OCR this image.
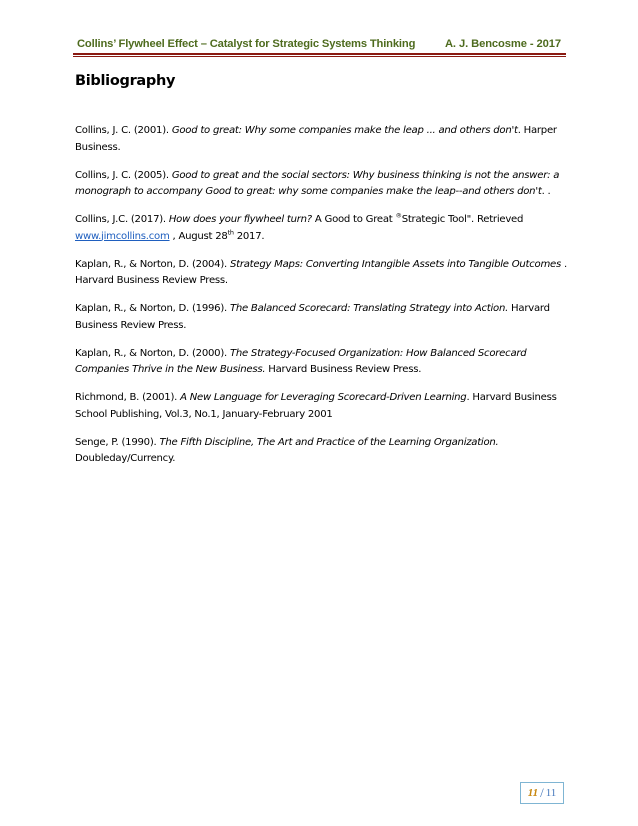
Collins’ Flywheel Effect – Catalyst for Strategic Systems Thinking	A. J. Bencosme - 2017
Bibliography

Collins, J. C. (2001). Good to great: Why some companies make the leap ... and others don't. Harper Business.

Collins, J. C. (2005). Good to great and the social sectors: Why business thinking is not the answer: a monograph to accompany Good to great: why some companies make the leap--and others don't. .

Collins, J.C. (2017). How does your flywheel turn? A Good to Great ®Strategic Tool". Retrieved
www.jimcollins.com , August 28th 2017.

Kaplan, R., & Norton, D. (2004). Strategy Maps: Converting Intangible Assets into Tangible Outcomes . Harvard Business Review Press.

Kaplan, R., & Norton, D. (1996). The Balanced Scorecard: Translating Strategy into Action. Harvard Business Review Press.

Kaplan, R., & Norton, D. (2000). The Strategy-Focused Organization: How Balanced Scorecard Companies Thrive in the New Business. Harvard Business Review Press.

Richmond, B. (2001). A New Language for Leveraging Scorecard-Driven Learning. Harvard Business School Publishing, Vol.3, No.1, January-February 2001

Senge, P. (1990). The Fifth Discipline, The Art and Practice of the Learning Organization. Doubleday/Currency.

11 / 11
